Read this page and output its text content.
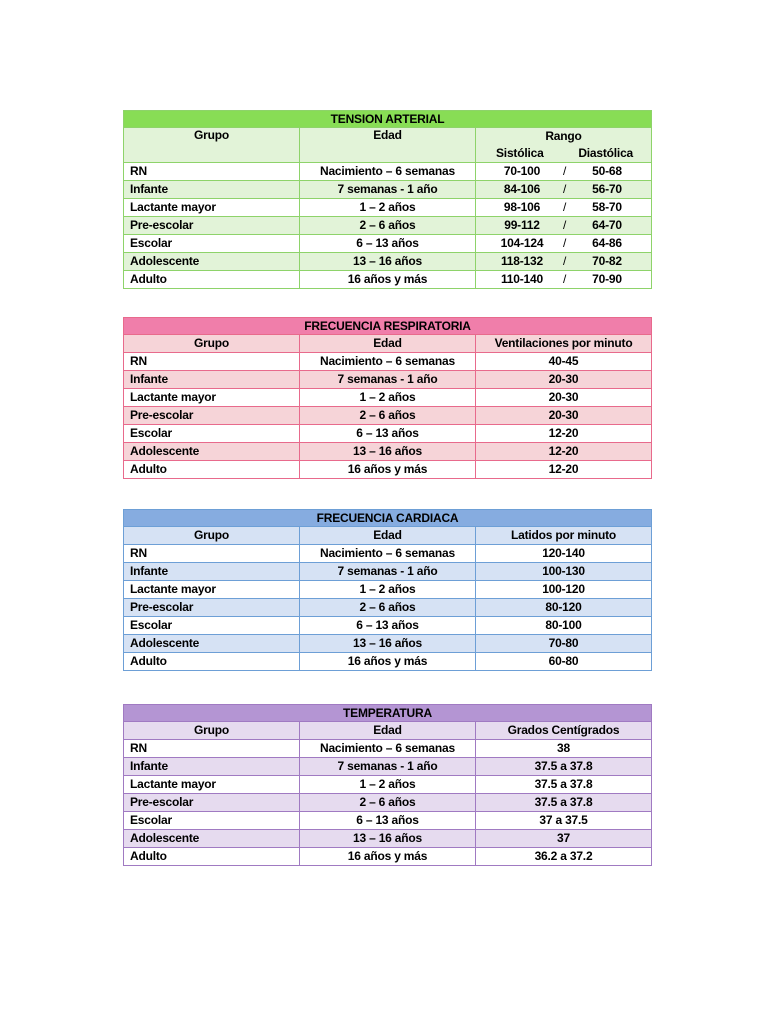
TENSION ARTERIAL		
Grupo	Edad	Rango

		Sistólica Diastólica

RN	Nacimiento – 6 semanas	70-100 / 50-68

Infante	7 semanas - 1 año	84-106 / 56-70

Lactante mayor	1 – 2 años	98-106 / 58-70

Pre-escolar	2 – 6 años	99-112 / 64-70

Escolar	6 – 13 años	104-124 / 64-86

Adolescente	13 – 16 años	118-132 / 70-82

Adulto	16 años y más	110-140 / 70-90
FRECUENCIA RESPIRATORIA		
Grupo	Edad	Ventilaciones por minuto
RN	Nacimiento – 6 semanas	40-45
Infante	7 semanas - 1 año	20-30
Lactante mayor	1 – 2 años	20-30
Pre-escolar	2 – 6 años	20-30
Escolar	6 – 13 años	12-20
Adolescente	13 – 16 años	12-20
Adulto	16 años y más	12-20
FRECUENCIA CARDIACA		
Grupo	Edad	Latidos por minuto
RN	Nacimiento – 6 semanas	120-140
Infante	7 semanas - 1 año	100-130
Lactante mayor	1 – 2 años	100-120
Pre-escolar	2 – 6 años	80-120
Escolar	6 – 13 años	80-100
Adolescente	13 – 16 años	70-80
Adulto	16 años y más	60-80
TEMPERATURA		
Grupo	Edad	Grados Centígrados
RN	Nacimiento – 6 semanas	38
Infante	7 semanas - 1 año	37.5 a 37.8
Lactante mayor	1 – 2 años	37.5 a 37.8
Pre-escolar	2 – 6 años	37.5 a 37.8
Escolar	6 – 13 años	37 a 37.5
Adolescente	13 – 16 años	37
Adulto	16 años y más	36.2 a 37.2
